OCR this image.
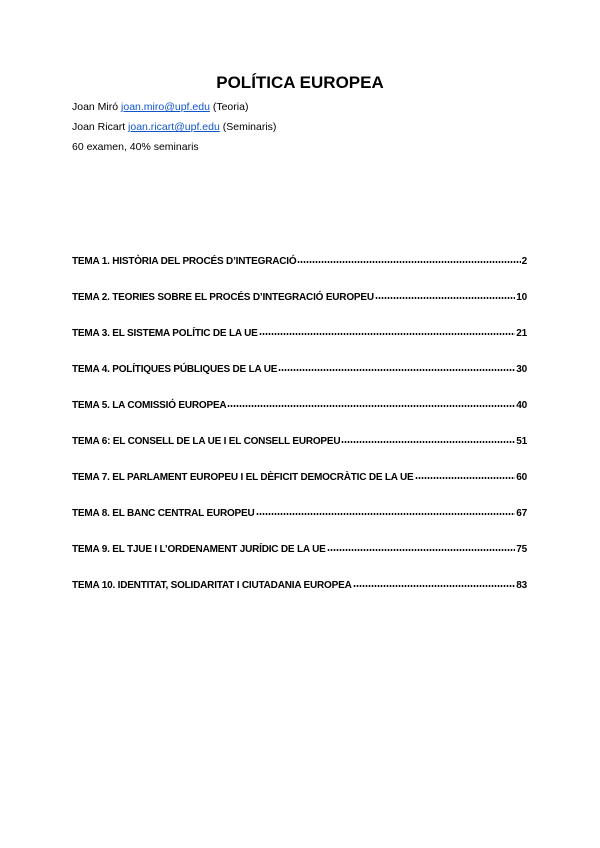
POLÍTICA EUROPEA
Joan Miró joan.miro@upf.edu (Teoria)
Joan Ricart joan.ricart@upf.edu (Seminaris)
60 examen, 40% seminaris
TEMA 1. HISTÒRIA DEL PROCÉS D’INTEGRACIÓ	2
TEMA 2. TEORIES SOBRE EL PROCÉS D’INTEGRACIÓ EUROPEU	10
TEMA 3. EL SISTEMA POLÍTIC DE LA UE	21
TEMA 4. POLÍTIQUES PÚBLIQUES DE LA UE	30
TEMA 5. LA COMISSIÓ EUROPEA	40
TEMA 6: EL CONSELL DE LA UE I EL CONSELL EUROPEU	51
TEMA 7. EL PARLAMENT EUROPEU I EL DÈFICIT DEMOCRÀTIC DE LA UE	60
TEMA 8. EL BANC CENTRAL EUROPEU	67
TEMA 9. EL TJUE I L’ORDENAMENT JURÍDIC DE LA UE	75
TEMA 10. IDENTITAT, SOLIDARITAT I CIUTADANIA EUROPEA	83
